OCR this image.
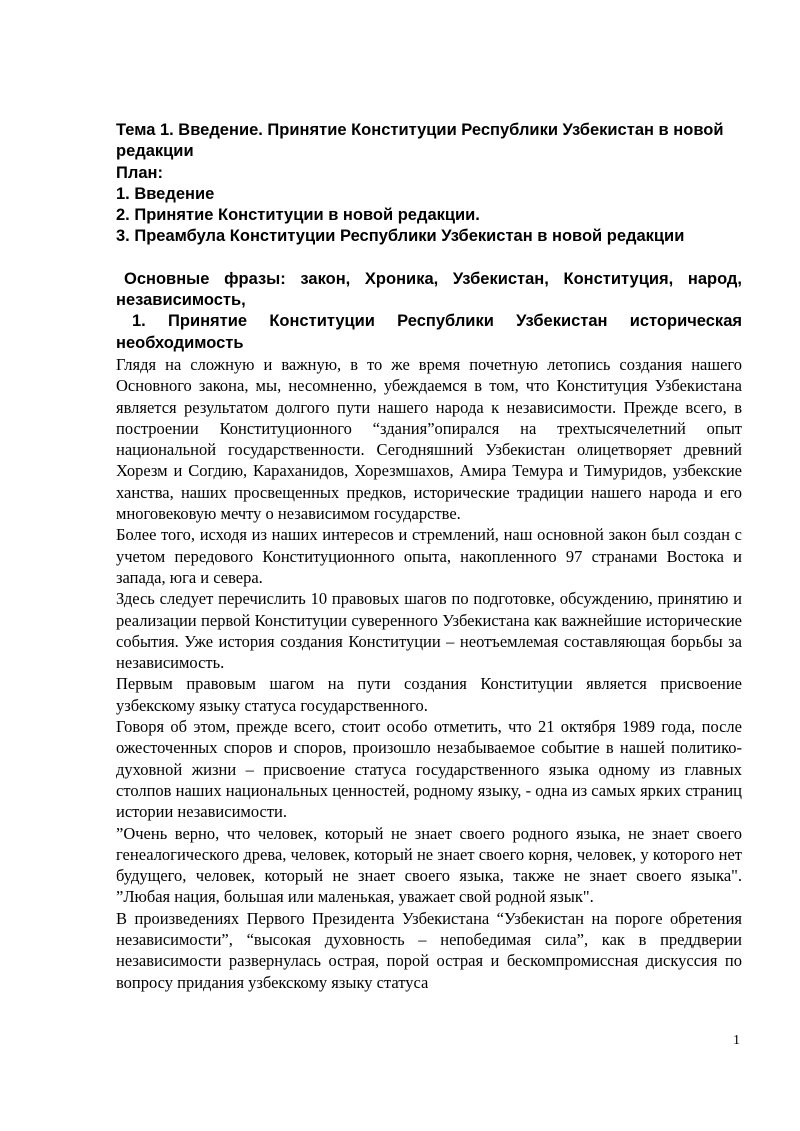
Тема 1. Введение. Принятие Конституции Республики Узбекистан в новой редакции

План:

1. Введение

2. Принятие Конституции в новой редакции.

3. Преамбула Конституции Республики Узбекистан в новой редакции

Основные фразы: закон, Хроника, Узбекистан, Конституция, народ, независимость,

1. Принятие Конституции Республики Узбекистан историческая необходимость

Глядя на сложную и важную, в то же время почетную летопись создания нашего Основного закона, мы, несомненно, убеждаемся в том, что Конституция Узбекистана является результатом долгого пути нашего народа к независимости. Прежде всего, в построении Конституционного “здания”опирался на трехтысячелетний опыт национальной государственности. Сегодняшний Узбекистан олицетворяет древний Хорезм и Согдию, Караханидов, Хорезмшахов, Амира Темура и Тимуридов, узбекские ханства, наших просвещенных предков, исторические традиции нашего народа и его многовековую мечту о независимом государстве.

Более того, исходя из наших интересов и стремлений, наш основной закон был создан с учетом передового Конституционного опыта, накопленного 97 странами Востока и запада, юга и севера.

Здесь следует перечислить 10 правовых шагов по подготовке, обсуждению, принятию и реализации первой Конституции суверенного Узбекистана как важнейшие исторические события. Уже история создания Конституции – неотъемлемая составляющая борьбы за независимость.

Первым правовым шагом на пути создания Конституции является присвоение узбекскому языку статуса государственного.

Говоря об этом, прежде всего, стоит особо отметить, что 21 октября 1989 года, после ожесточенных споров и споров, произошло незабываемое событие в нашей политико-духовной жизни – присвоение статуса государственного языка одному из главных столпов наших национальных ценностей, родному языку, - одна из самых ярких страниц истории независимости.

”Очень верно, что человек, который не знает своего родного языка, не знает своего генеалогического древа, человек, который не знает своего корня, человек, у которого нет будущего, человек, который не знает своего языка, также не знает своего языка". ”Любая нация, большая или маленькая, уважает свой родной язык".

В произведениях Первого Президента Узбекистана “Узбекистан на пороге обретения независимости”, “высокая духовность – непобедимая сила”, как в преддверии независимости развернулась острая, порой острая и бескомпромиссная дискуссия по вопросу придания узбекскому языку статуса

1
